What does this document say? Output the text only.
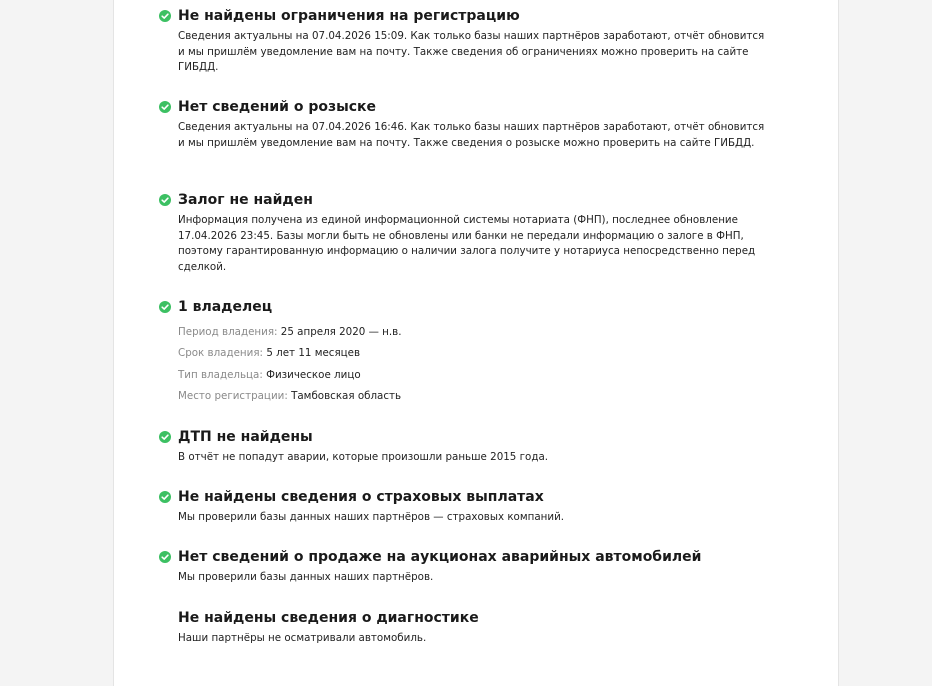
Не найдены ограничения на регистрацию
Сведения актуальны на 07.04.2026 15:09. Как только базы наших партнёров заработают, отчёт обновится и мы пришлём уведомление вам на почту. Также сведения об ограничениях можно проверить на сайте ГИБДД.
Нет сведений о розыске
Сведения актуальны на 07.04.2026 16:46. Как только базы наших партнёров заработают, отчёт обновится и мы пришлём уведомление вам на почту. Также сведения о розыске можно проверить на сайте ГИБДД.
Залог не найден
Информация получена из единой информационной системы нотариата (ФНП), последнее обновление 17.04.2026 23:45. Базы могли быть не обновлены или банки не передали информацию о залоге в ФНП, поэтому гарантированную информацию о наличии залога получите у нотариуса непосредственно перед сделкой.
1 владелец
Период владения: 25 апреля 2020 — н.в.
Срок владения: 5 лет 11 месяцев
Тип владельца: Физическое лицо
Место регистрации: Тамбовская область
ДТП не найдены
В отчёт не попадут аварии, которые произошли раньше 2015 года.
Не найдены сведения о страховых выплатах
Мы проверили базы данных наших партнёров — страховых компаний.
Нет сведений о продаже на аукционах аварийных автомобилей
Мы проверили базы данных наших партнёров.
Не найдены сведения о диагностике
Наши партнёры не осматривали автомобиль.
